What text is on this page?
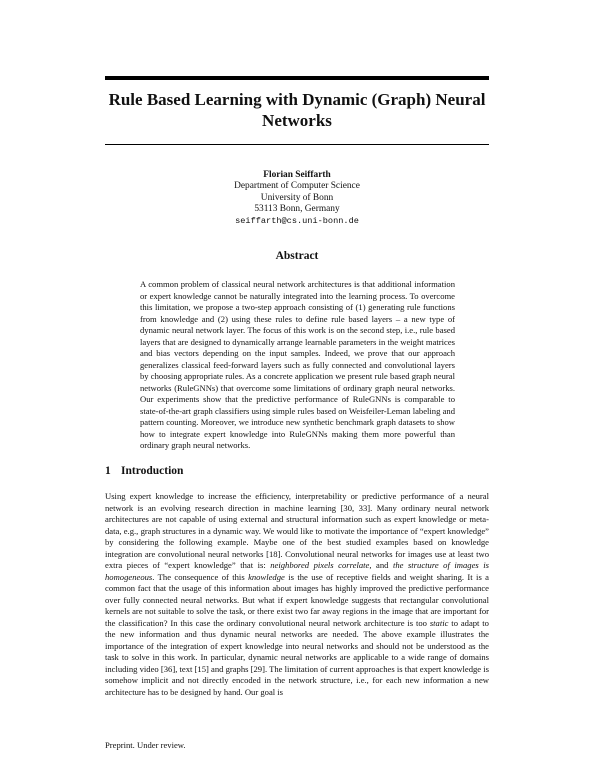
Rule Based Learning with Dynamic (Graph) Neural Networks
Florian Seiffarth
Department of Computer Science
University of Bonn
53113 Bonn, Germany
seiffarth@cs.uni-bonn.de
Abstract

A common problem of classical neural network architectures is that additional information or expert knowledge cannot be naturally integrated into the learning process. To overcome this limitation, we propose a two-step approach consisting of (1) generating rule functions from knowledge and (2) using these rules to define rule based layers – a new type of dynamic neural network layer. The focus of this work is on the second step, i.e., rule based layers that are designed to dynamically arrange learnable parameters in the weight matrices and bias vectors depending on the input samples. Indeed, we prove that our approach generalizes classical feed-forward layers such as fully connected and convolutional layers by choosing appropriate rules. As a concrete application we present rule based graph neural networks (RuleGNNs) that overcome some limitations of ordinary graph neural networks. Our experiments show that the predictive performance of RuleGNNs is comparable to state-of-the-art graph classifiers using simple rules based on Weisfeiler-Leman labeling and pattern counting. Moreover, we introduce new synthetic benchmark graph datasets to show how to integrate expert knowledge into RuleGNNs making them more powerful than ordinary graph neural networks.

1 Introduction

Using expert knowledge to increase the efficiency, interpretability or predictive performance of a neural network is an evolving research direction in machine learning [30, 33]. Many ordinary neural network architectures are not capable of using external and structural information such as expert knowledge or meta-data, e.g., graph structures in a dynamic way. We would like to motivate the importance of “expert knowledge” by considering the following example. Maybe one of the best studied examples based on knowledge integration are convolutional neural networks [18]. Convolutional neural networks for images use at least two extra pieces of “expert knowledge” that is: neighbored pixels correlate, and the structure of images is homogeneous. The consequence of this knowledge is the use of receptive fields and weight sharing. It is a common fact that the usage of this information about images has highly improved the predictive performance over fully connected neural networks. But what if expert knowledge suggests that rectangular convolutional kernels are not suitable to solve the task, or there exist two far away regions in the image that are important for the classification? In this case the ordinary convolutional neural network architecture is too static to adapt to the new information and thus dynamic neural networks are needed. The above example illustrates the importance of the integration of expert knowledge into neural networks and should not be understood as the task to solve in this work. In particular, dynamic neural networks are applicable to a wide range of domains including video [36], text [15] and graphs [29]. The limitation of current approaches is that expert knowledge is somehow implicit and not directly encoded in the network structure, i.e., for each new information a new architecture has to be designed by hand. Our goal is

Preprint. Under review.
